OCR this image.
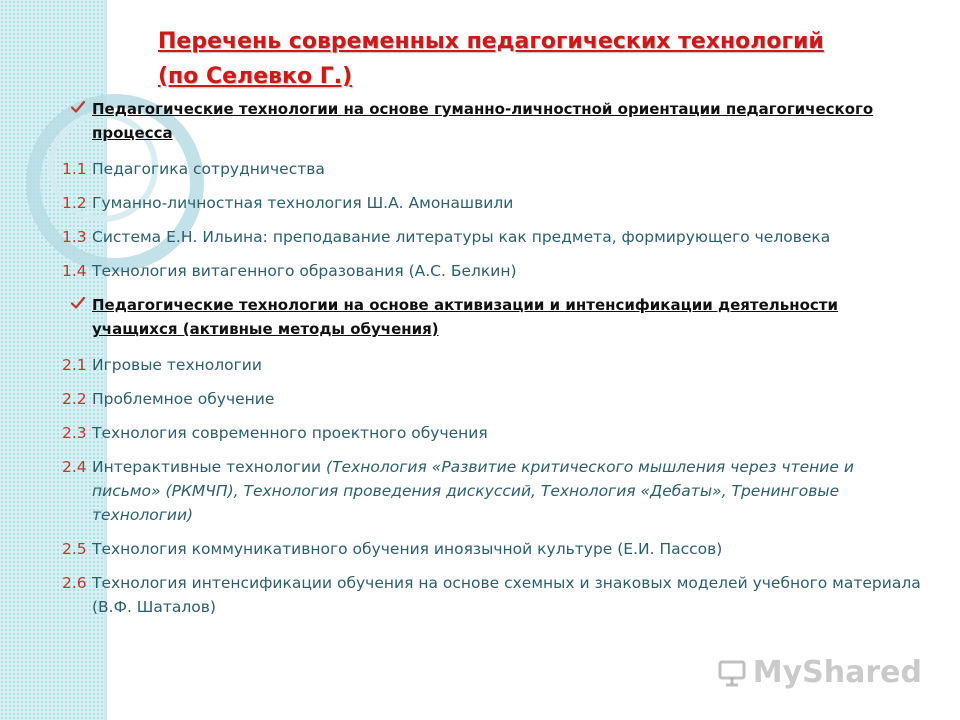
Перечень современных педагогических технологий
(по Селевко Г.)
Педагогические технологии на основе гуманно-личностной ориентации педагогического процесса
1.1 Педагогика сотрудничества
1.2 Гуманно-личностная технология Ш.А. Амонашвили
1.3 Система Е.Н. Ильина: преподавание литературы как предмета, формирующего человека
1.4 Технология витагенного образования (А.С. Белкин)
Педагогические технологии на основе активизации и интенсификации деятельности учащихся (активные методы обучения)
2.1 Игровые технологии
2.2 Проблемное обучение
2.3 Технология современного проектного обучения
2.4 Интерактивные технологии (Технология «Развитие критического мышления через чтение и письмо» (РКМЧП), Технология проведения дискуссий, Технология «Дебаты», Тренинговые технологии)
2.5 Технология коммуникативного обучения иноязычной культуре (Е.И. Пассов)
2.6 Технология интенсификации обучения на основе схемных и знаковых моделей учебного материала (В.Ф. Шаталов)
MyShared
